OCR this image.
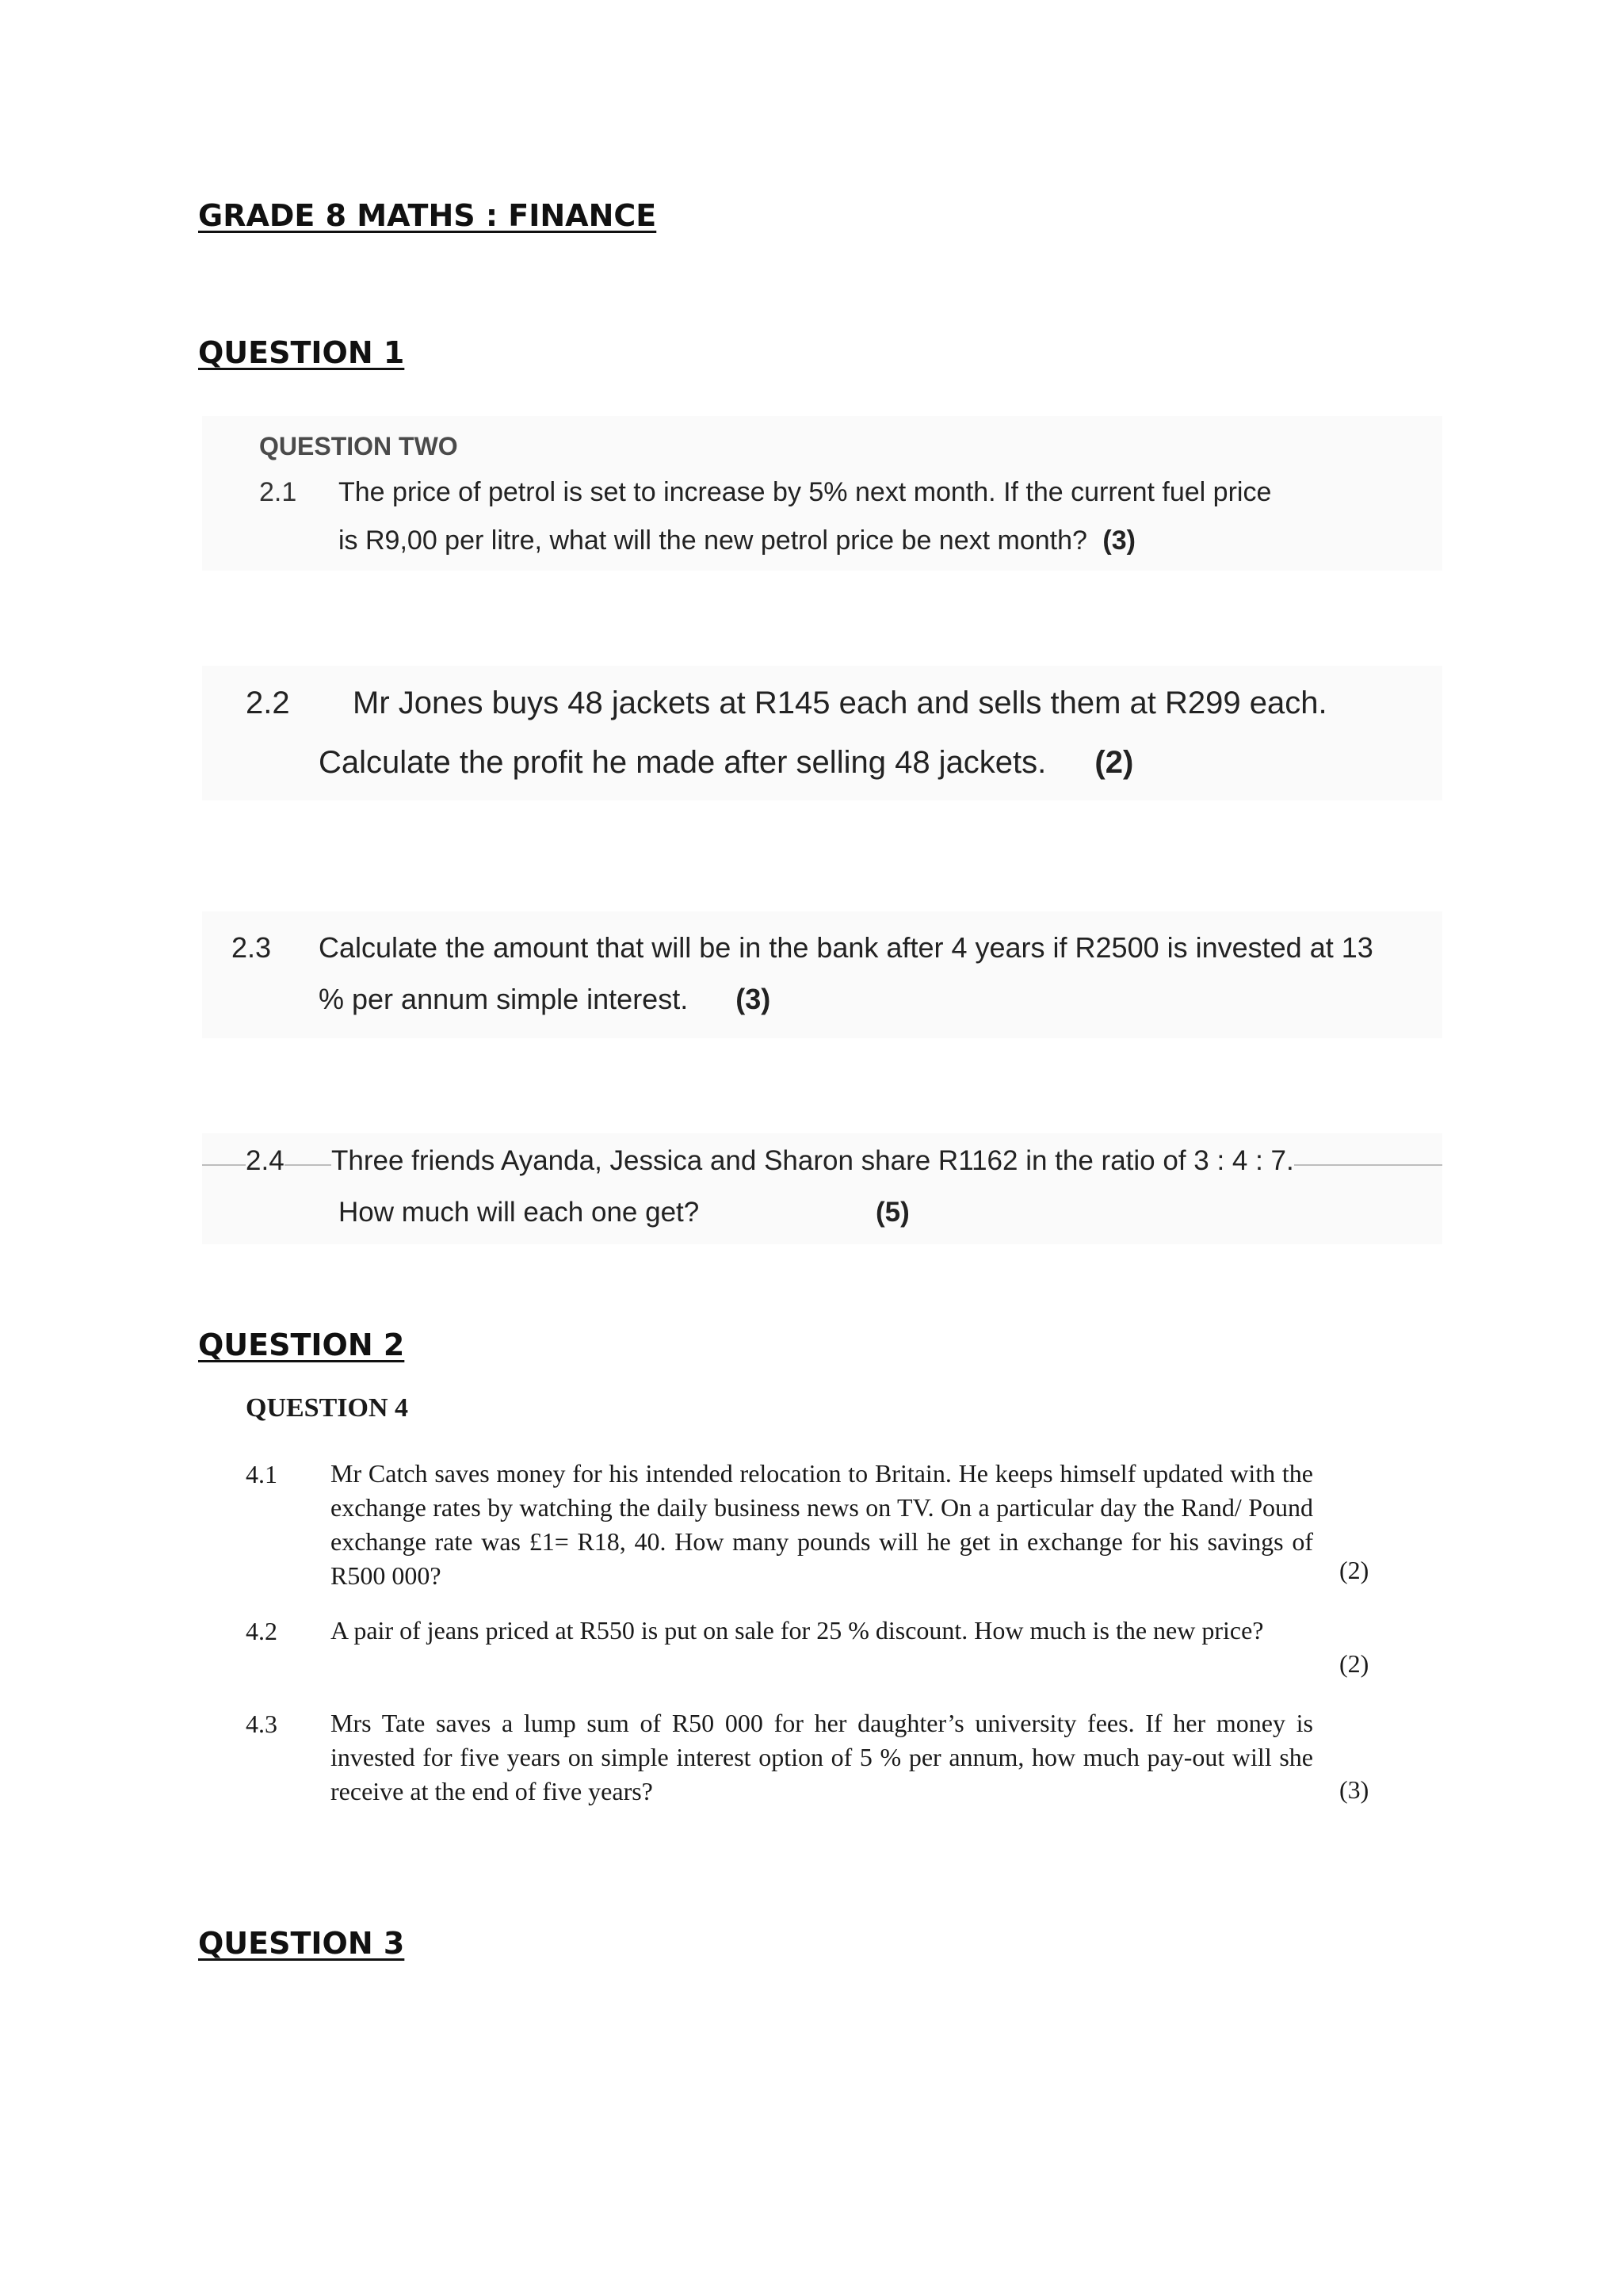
GRADE 8 MATHS : FINANCE
QUESTION 1
QUESTION TWO
2.1 The price of petrol is set to increase by 5% next month. If the current fuel price
is R9,00 per litre, what will the new petrol price be next month? (3)
2.2 Mr Jones buys 48 jackets at R145 each and sells them at R299 each.
Calculate the profit he made after selling 48 jackets. (2)
2.3 Calculate the amount that will be in the bank after 4 years if R2500 is invested at 13
% per annum simple interest. (3)
2.4 Three friends Ayanda, Jessica and Sharon share R1162 in the ratio of 3 : 4 : 7.
How much will each one get?	(5)
QUESTION 2
QUESTION 4
4.1 Mr Catch saves money for his intended relocation to Britain. He keeps himself updated with the exchange rates by watching the daily business news on TV. On a particular day the Rand/ Pound exchange rate was £1= R18, 40. How many pounds will he get in exchange for his savings of R500 000?	(2)
4.2 A pair of jeans priced at R550 is put on sale for 25 % discount. How much is the new price?
(2)
4.3 Mrs Tate saves a lump sum of R50 000 for her daughter’s university fees. If her money is invested for five years on simple interest option of 5 % per annum, how much pay-out will she receive at the end of five years?	(3)
QUESTION 3
